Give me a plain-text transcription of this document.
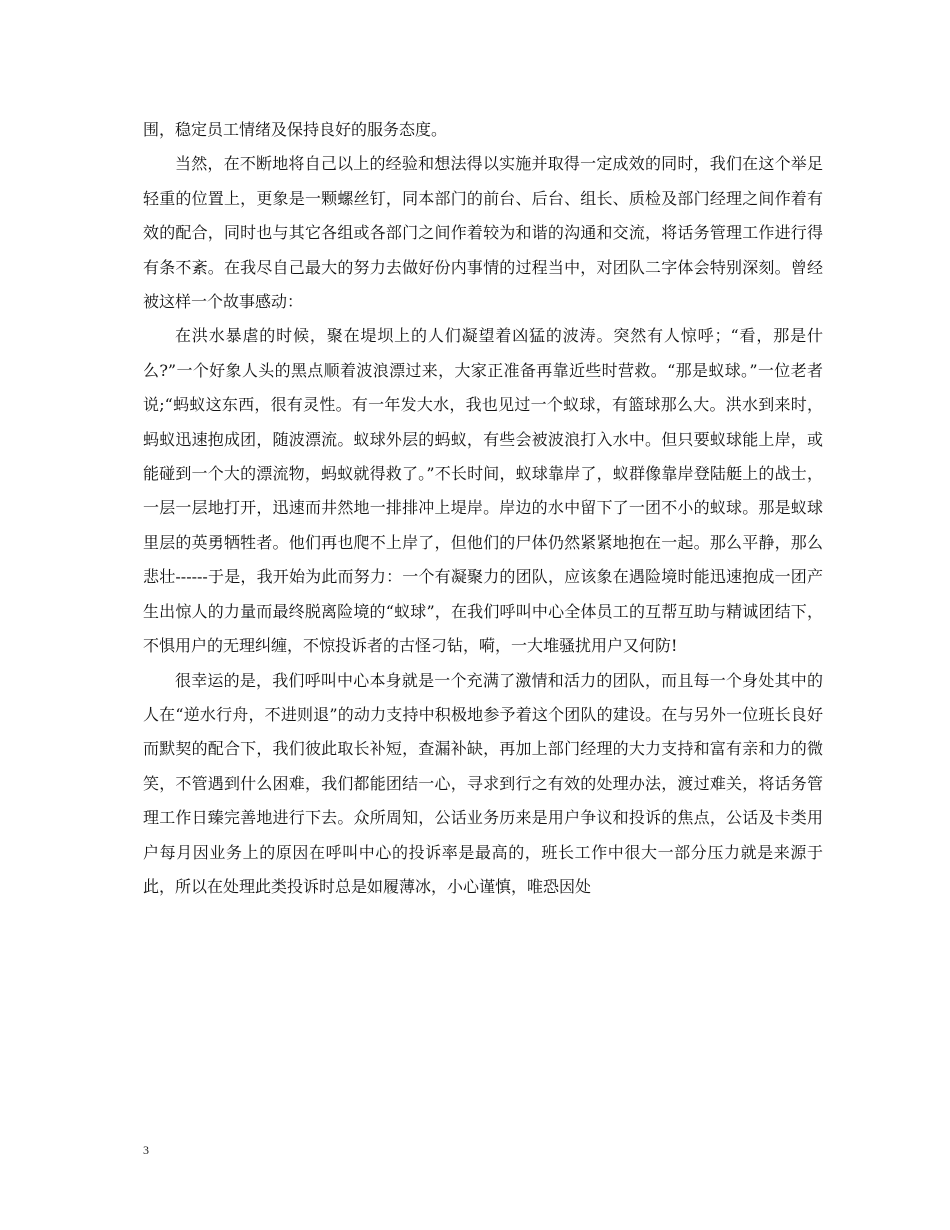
围，稳定员工情绪及保持良好的服务态度。

当然，在不断地将自己以上的经验和想法得以实施并取得一定成效的同时，我们在这个举足轻重的位置上，更象是一颗螺丝钉，同本部门的前台、后台、组长、质检及部门经理之间作着有效的配合，同时也与其它各组或各部门之间作着较为和谐的沟通和交流，将话务管理工作进行得有条不紊。在我尽自己最大的努力去做好份内事情的过程当中，对团队二字体会特别深刻。曾经被这样一个故事感动：

在洪水暴虐的时候，聚在堤坝上的人们凝望着凶猛的波涛。突然有人惊呼；“看，那是什么?”一个好象人头的黑点顺着波浪漂过来，大家正准备再靠近些时营救。“那是蚁球。”一位老者说;“蚂蚁这东西，很有灵性。有一年发大水，我也见过一个蚁球，有篮球那么大。洪水到来时，蚂蚁迅速抱成团，随波漂流。蚁球外层的蚂蚁，有些会被波浪打入水中。但只要蚁球能上岸，或能碰到一个大的漂流物，蚂蚁就得救了。”不长时间，蚁球靠岸了，蚁群像靠岸登陆艇上的战士，一层一层地打开，迅速而井然地一排排冲上堤岸。岸边的水中留下了一团不小的蚁球。那是蚁球里层的英勇牺牲者。他们再也爬不上岸了，但他们的尸体仍然紧紧地抱在一起。那么平静，那么悲壮------于是，我开始为此而努力：一个有凝聚力的团队，应该象在遇险境时能迅速抱成一团产生出惊人的力量而最终脱离险境的“蚁球”，在我们呼叫中心全体员工的互帮互助与精诚团结下，不惧用户的无理纠缠，不惊投诉者的古怪刁钻，嗬，一大堆骚扰用户又何防!

很幸运的是，我们呼叫中心本身就是一个充满了激情和活力的团队，而且每一个身处其中的人在“逆水行舟，不进则退”的动力支持中积极地参予着这个团队的建设。在与另外一位班长良好而默契的配合下，我们彼此取长补短，查漏补缺，再加上部门经理的大力支持和富有亲和力的微笑，不管遇到什么困难，我们都能团结一心，寻求到行之有效的处理办法，渡过难关，将话务管理工作日臻完善地进行下去。众所周知，公话业务历来是用户争议和投诉的焦点，公话及卡类用户每月因业务上的原因在呼叫中心的投诉率是最高的，班长工作中很大一部分压力就是来源于此，所以在处理此类投诉时总是如履薄冰，小心谨慎，唯恐因处

3
